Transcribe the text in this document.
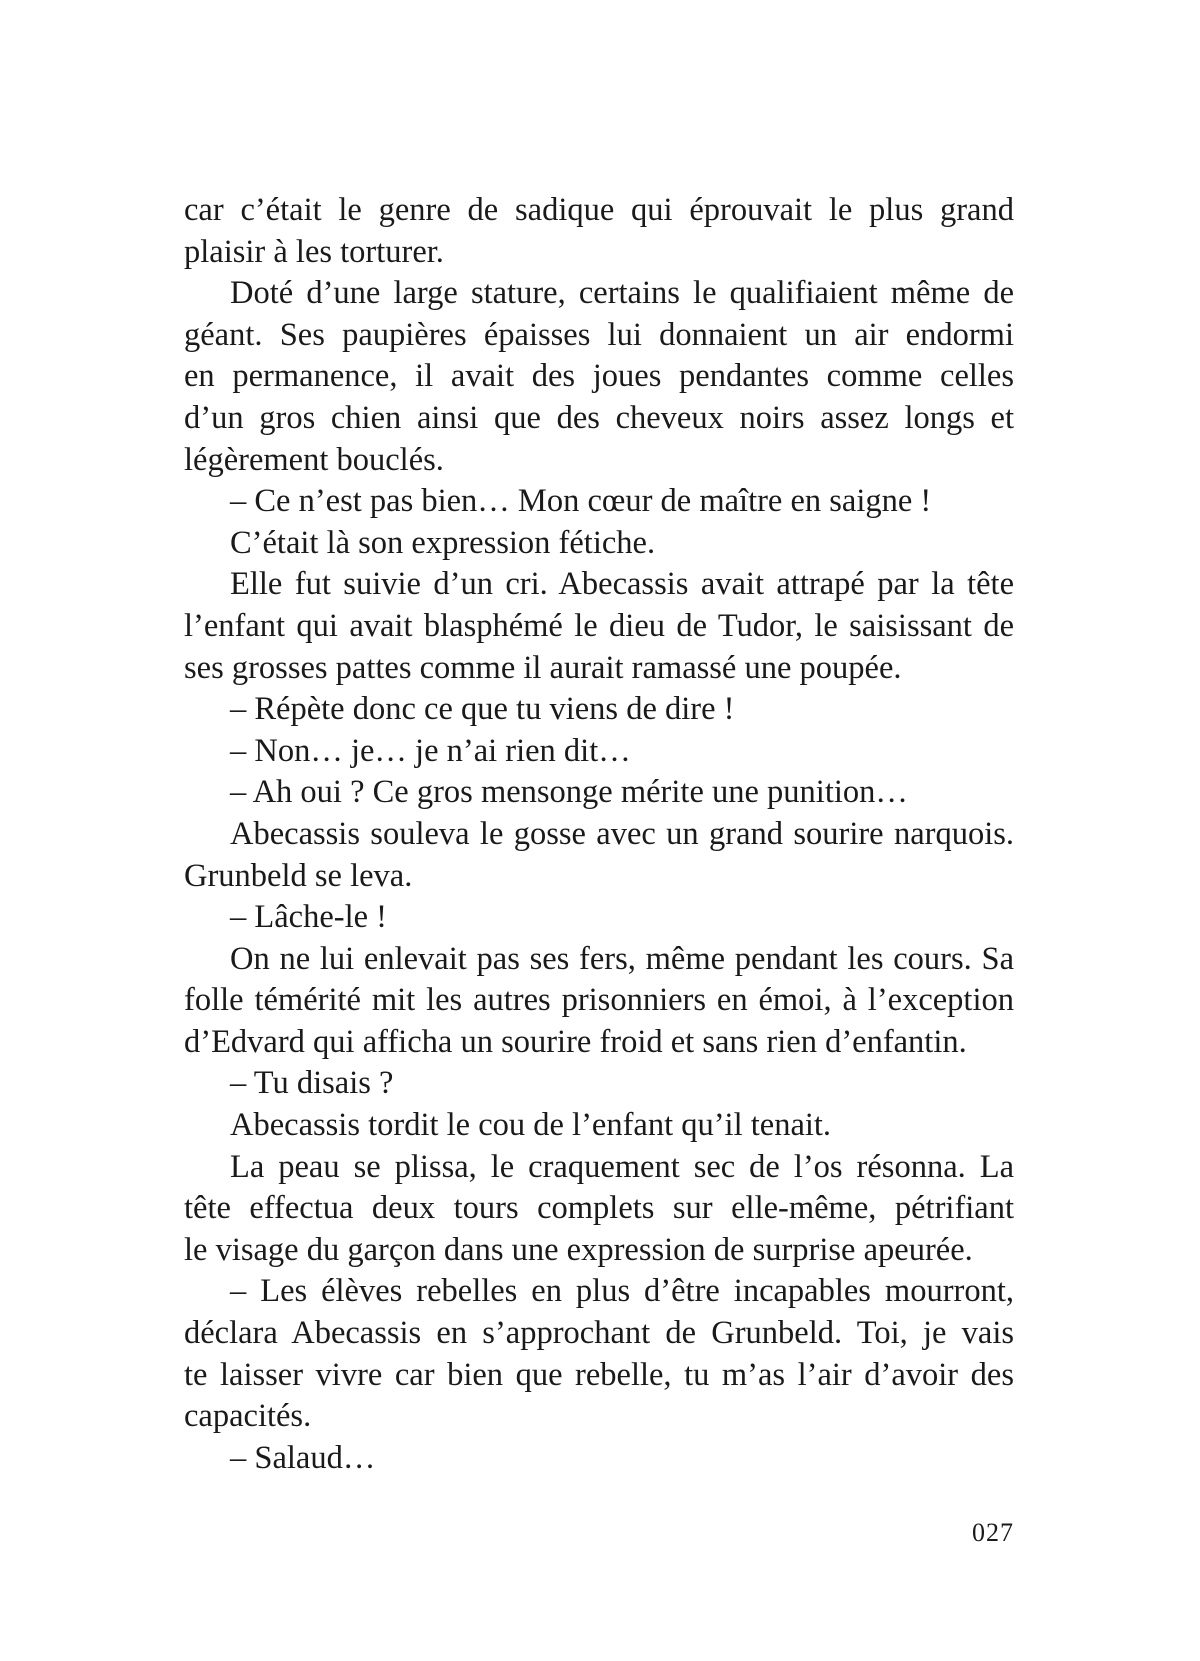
car c’était le genre de sadique qui éprouvait le plus grand
plaisir à les torturer.
Doté d’une large stature, certains le qualifiaient même de
géant. Ses paupières épaisses lui donnaient un air endormi
en permanence, il avait des joues pendantes comme celles
d’un gros chien ainsi que des cheveux noirs assez longs et
légèrement bouclés.
– Ce n’est pas bien… Mon cœur de maître en saigne !
C’était là son expression fétiche.
Elle fut suivie d’un cri. Abecassis avait attrapé par la tête
l’enfant qui avait blasphémé le dieu de Tudor, le saisissant de
ses grosses pattes comme il aurait ramassé une poupée.
– Répète donc ce que tu viens de dire !
– Non… je… je n’ai rien dit…
– Ah oui ? Ce gros mensonge mérite une punition…
Abecassis souleva le gosse avec un grand sourire narquois.
Grunbeld se leva.
– Lâche-le !
On ne lui enlevait pas ses fers, même pendant les cours. Sa
folle témérité mit les autres prisonniers en émoi, à l’exception
d’Edvard qui afficha un sourire froid et sans rien d’enfantin.
– Tu disais ?
Abecassis tordit le cou de l’enfant qu’il tenait.
La peau se plissa, le craquement sec de l’os résonna. La
tête effectua deux tours complets sur elle-même, pétrifiant
le visage du garçon dans une expression de surprise apeurée.
– Les élèves rebelles en plus d’être incapables mourront,
déclara Abecassis en s’approchant de Grunbeld. Toi, je vais
te laisser vivre car bien que rebelle, tu m’as l’air d’avoir des
capacités.
– Salaud…
027
